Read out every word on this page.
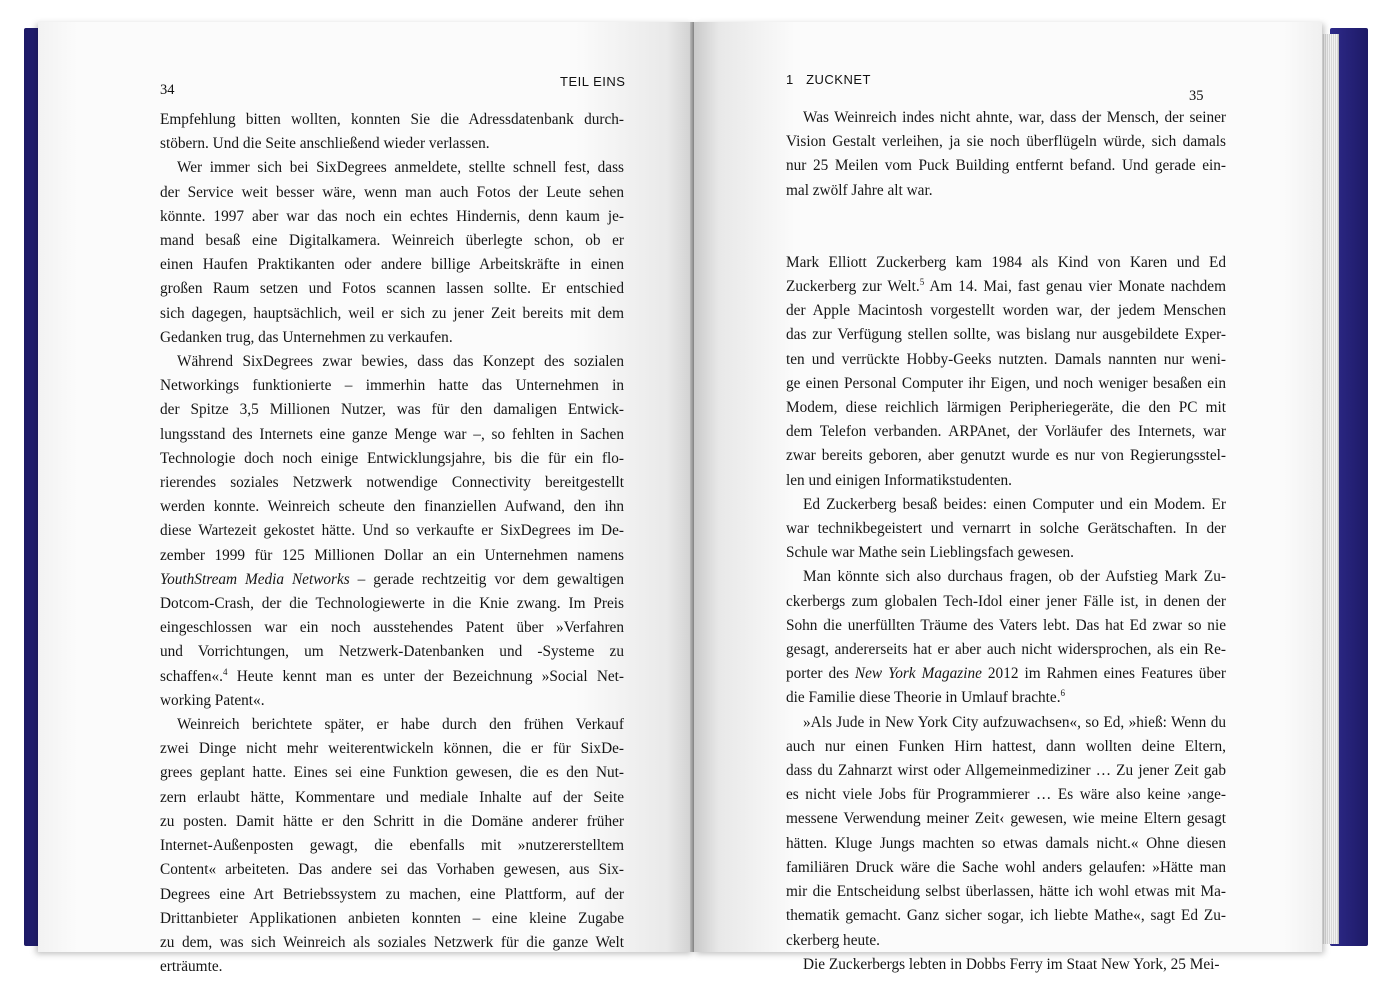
34
TEIL EINS
Empfehlung bitten wollten, konnten Sie die Adressdatenbank durch-
stöbern. Und die Seite anschließend wieder verlassen.
Wer immer sich bei SixDegrees anmeldete, stellte schnell fest, dass
der Service weit besser wäre, wenn man auch Fotos der Leute sehen
könnte. 1997 aber war das noch ein echtes Hindernis, denn kaum je-
mand besaß eine Digitalkamera. Weinreich überlegte schon, ob er
einen Haufen Praktikanten oder andere billige Arbeitskräfte in einen
großen Raum setzen und Fotos scannen lassen sollte. Er entschied
sich dagegen, hauptsächlich, weil er sich zu jener Zeit bereits mit dem
Gedanken trug, das Unternehmen zu verkaufen.
Während SixDegrees zwar bewies, dass das Konzept des sozialen
Networkings funktionierte – immerhin hatte das Unternehmen in
der Spitze 3,5 Millionen Nutzer, was für den damaligen Entwick-
lungsstand des Internets eine ganze Menge war –, so fehlten in Sachen
Technologie doch noch einige Entwicklungsjahre, bis die für ein flo-
rierendes soziales Netzwerk notwendige Connectivity bereitgestellt
werden konnte. Weinreich scheute den finanziellen Aufwand, den ihn
diese Wartezeit gekostet hätte. Und so verkaufte er SixDegrees im De-
zember 1999 für 125 Millionen Dollar an ein Unternehmen namens
YouthStream Media Networks – gerade rechtzeitig vor dem gewaltigen
Dotcom-Crash, der die Technologiewerte in die Knie zwang. Im Preis
eingeschlossen war ein noch ausstehendes Patent über »Verfahren
und Vorrichtungen, um Netzwerk-Datenbanken und -Systeme zu
schaffen«.$^4$ Heute kennt man es unter der Bezeichnung »Social Net-
working Patent«.
Weinreich berichtete später, er habe durch den frühen Verkauf
zwei Dinge nicht mehr weiterentwickeln können, die er für SixDe-
grees geplant hatte. Eines sei eine Funktion gewesen, die es den Nut-
zern erlaubt hätte, Kommentare und mediale Inhalte auf der Seite
zu posten. Damit hätte er den Schritt in die Domäne anderer früher
Internet-Außenposten gewagt, die ebenfalls mit »nutzererstelltem
Content« arbeiteten. Das andere sei das Vorhaben gewesen, aus Six-
Degrees eine Art Betriebssystem zu machen, eine Plattform, auf der
Drittanbieter Applikationen anbieten konnten – eine kleine Zugabe
zu dem, was sich Weinreich als soziales Netzwerk für die ganze Welt
erträumte.
1   ZUCKNET
35
Was Weinreich indes nicht ahnte, war, dass der Mensch, der seiner
Vision Gestalt verleihen, ja sie noch überflügeln würde, sich damals
nur 25 Meilen vom Puck Building entfernt befand. Und gerade ein-
mal zwölf Jahre alt war.
Mark Elliott Zuckerberg kam 1984 als Kind von Karen und Ed
Zuckerberg zur Welt.$^5$ Am 14. Mai, fast genau vier Monate nachdem
der Apple Macintosh vorgestellt worden war, der jedem Menschen
das zur Verfügung stellen sollte, was bislang nur ausgebildete Exper-
ten und verrückte Hobby-Geeks nutzten. Damals nannten nur weni-
ge einen Personal Computer ihr Eigen, und noch weniger besaßen ein
Modem, diese reichlich lärmigen Peripheriegeräte, die den PC mit
dem Telefon verbanden. ARPAnet, der Vorläufer des Internets, war
zwar bereits geboren, aber genutzt wurde es nur von Regierungsstel-
len und einigen Informatikstudenten.
Ed Zuckerberg besaß beides: einen Computer und ein Modem. Er
war technikbegeistert und vernarrt in solche Gerätschaften. In der
Schule war Mathe sein Lieblingsfach gewesen.
Man könnte sich also durchaus fragen, ob der Aufstieg Mark Zu-
ckerbergs zum globalen Tech-Idol einer jener Fälle ist, in denen der
Sohn die unerfüllten Träume des Vaters lebt. Das hat Ed zwar so nie
gesagt, andererseits hat er aber auch nicht widersprochen, als ein Re-
porter des New York Magazine 2012 im Rahmen eines Features über
die Familie diese Theorie in Umlauf brachte.$^6$
»Als Jude in New York City aufzuwachsen«, so Ed, »hieß: Wenn du
auch nur einen Funken Hirn hattest, dann wollten deine Eltern,
dass du Zahnarzt wirst oder Allgemeinmediziner … Zu jener Zeit gab
es nicht viele Jobs für Programmierer … Es wäre also keine ›ange-
messene Verwendung meiner Zeit‹ gewesen, wie meine Eltern gesagt
hätten. Kluge Jungs machten so etwas damals nicht.« Ohne diesen
familiären Druck wäre die Sache wohl anders gelaufen: »Hätte man
mir die Entscheidung selbst überlassen, hätte ich wohl etwas mit Ma-
thematik gemacht. Ganz sicher sogar, ich liebte Mathe«, sagt Ed Zu-
ckerberg heute.
Die Zuckerbergs lebten in Dobbs Ferry im Staat New York, 25 Mei-
